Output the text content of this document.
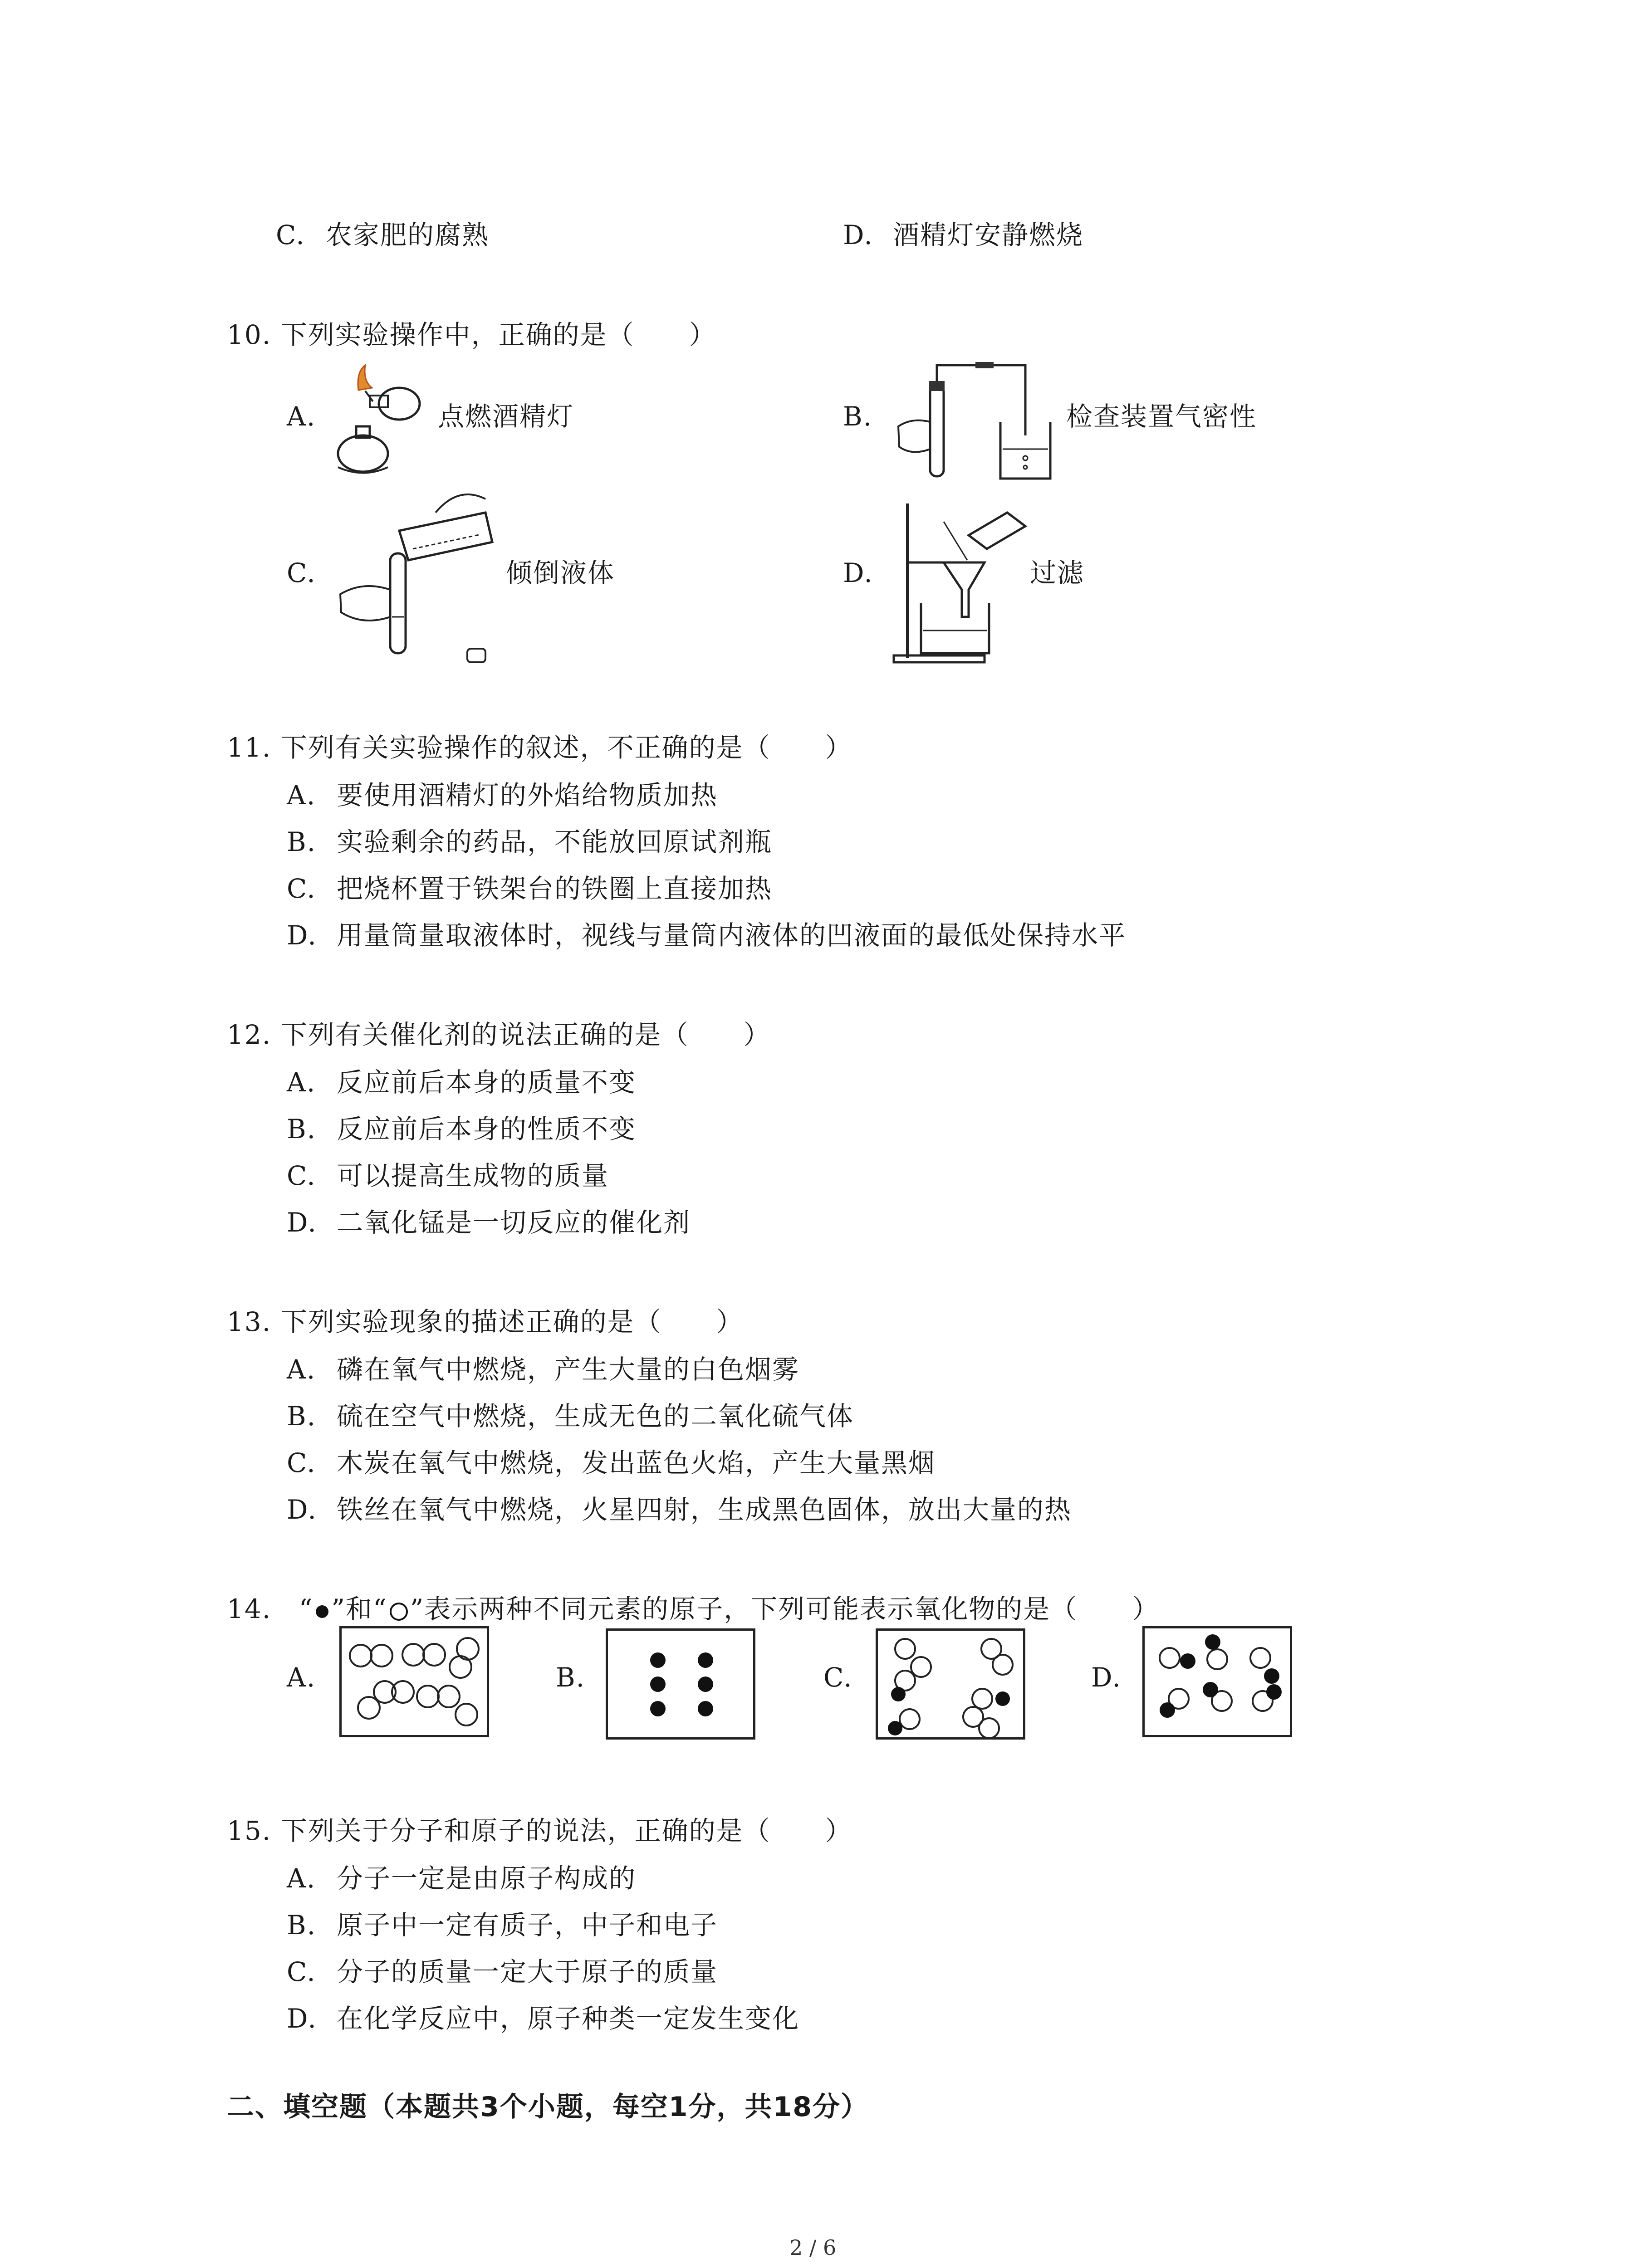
C. 农家肥的腐熟	D. 酒精灯安静燃烧
10. 下列实验操作中，正确的是（　　）
A.	点燃酒精灯	B.	检查装置气密性
C.	倾倒液体	D.	过滤
11. 下列有关实验操作的叙述，不正确的是（　　）
A. 要使用酒精灯的外焰给物质加热
B. 实验剩余的药品，不能放回原试剂瓶
C. 把烧杯置于铁架台的铁圈上直接加热
D. 用量筒量取液体时，视线与量筒内液体的凹液面的最低处保持水平
12. 下列有关催化剂的说法正确的是（　　）
A. 反应前后本身的质量不变
B. 反应前后本身的性质不变
C. 可以提高生成物的质量
D. 二氧化锰是一切反应的催化剂
13. 下列实验现象的描述正确的是（　　）
A. 磷在氧气中燃烧，产生大量的白色烟雾
B. 硫在空气中燃烧，生成无色的二氧化硫气体
C. 木炭在氧气中燃烧，发出蓝色火焰，产生大量黑烟
D. 铁丝在氧气中燃烧，火星四射，生成黑色固体，放出大量的热
14. “ ”和“ ”表示两种不同元素的原子，下列可能表示氧化物的是（　　）
A.	B.	C.	D.
15. 下列关于分子和原子的说法，正确的是（　　）
A. 分子一定是由原子构成的
B. 原子中一定有质子，中子和电子
C. 分子的质量一定大于原子的质量
D. 在化学反应中，原子种类一定发生变化
二、填空题（本题共3个小题，每空1分，共18分）
2 / 6
